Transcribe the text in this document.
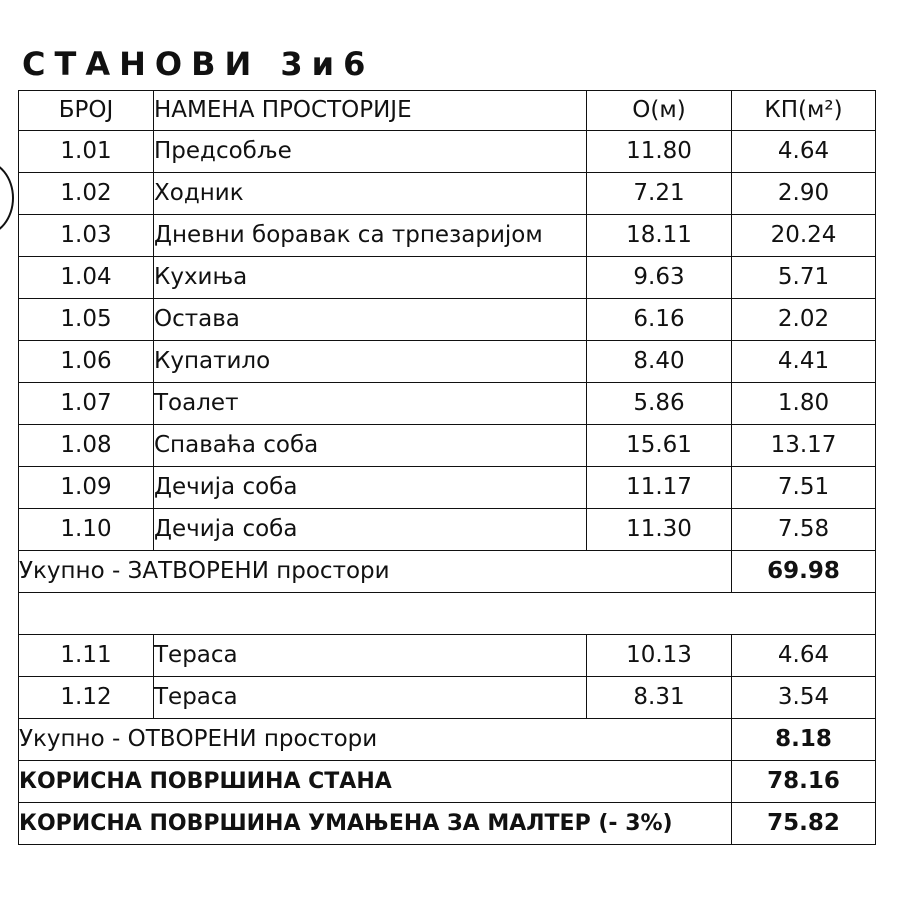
СТАНОВИ 3и6
БРОЈ	НАМЕНА ПРОСТОРИЈЕ	О(м)	КП(м²)
1.01	Предсобље	11.80	4.64
1.02	Ходник	7.21	2.90
1.03	Дневни боравак са трпезаријом	18.11	20.24
1.04	Кухиња	9.63	5.71
1.05	Остава	6.16	2.02
1.06	Купатило	8.40	4.41
1.07	Тоалет	5.86	1.80
1.08	Спаваћа соба	15.61	13.17
1.09	Дечија соба	11.17	7.51
1.10	Дечија соба	11.30	7.58
Укупно - ЗАТВОРЕНИ простори			69.98

1.11	Тераса	10.13	4.64
1.12	Тераса	8.31	3.54
Укупно - ОТВОРЕНИ простори			8.18
КОРИСНА ПОВРШИНА СТАНА			78.16
КОРИСНА ПОВРШИНА УМАЊЕНА ЗА МАЛТЕР (- 3%)			75.82
